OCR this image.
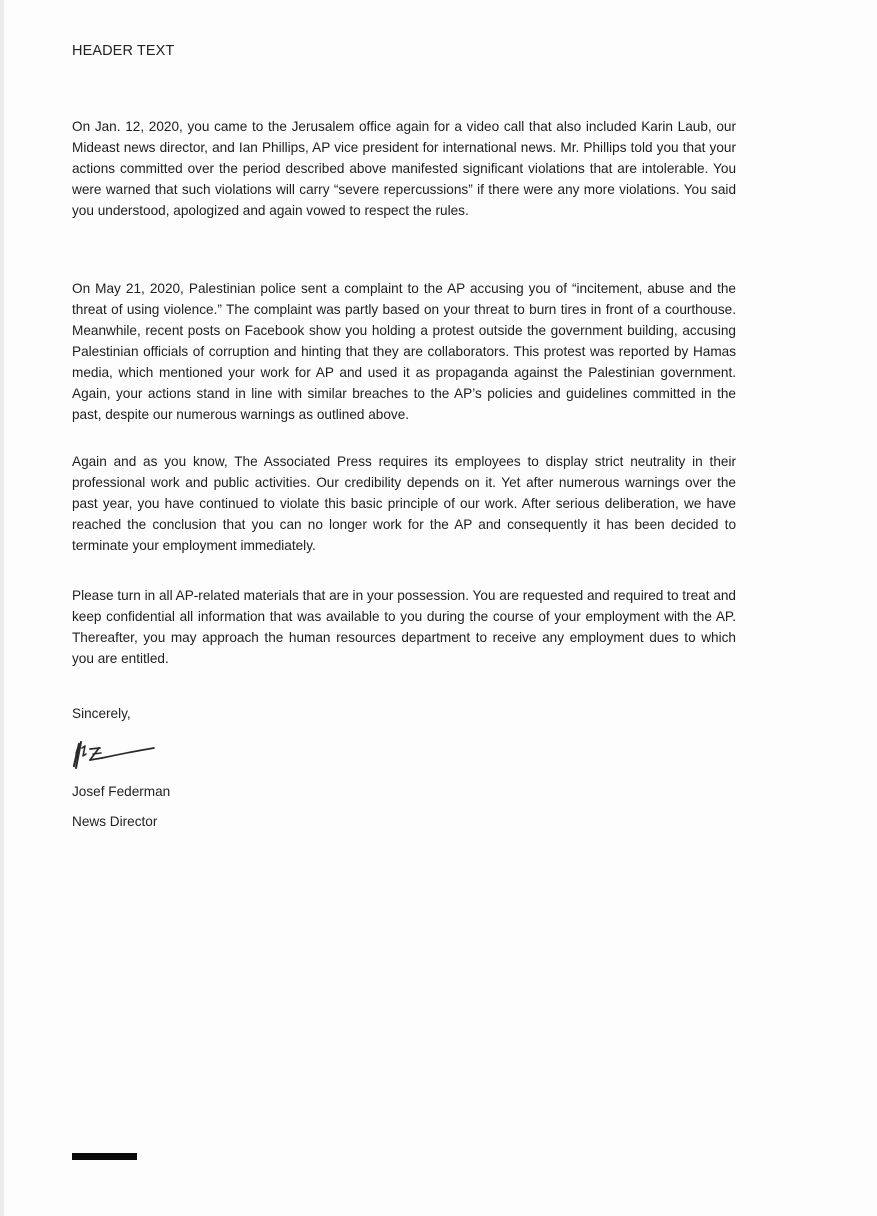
HEADER TEXT

On Jan. 12, 2020, you came to the Jerusalem office again for a video call that also included Karin Laub, our Mideast news director, and Ian Phillips, AP vice president for international news. Mr. Phillips told you that your actions committed over the period described above manifested significant violations that are intolerable. You were warned that such violations will carry “severe repercussions” if there were any more violations. You said you understood, apologized and again vowed to respect the rules.

On May 21, 2020, Palestinian police sent a complaint to the AP accusing you of “incitement, abuse and the threat of using violence.” The complaint was partly based on your threat to burn tires in front of a courthouse. Meanwhile, recent posts on Facebook show you holding a protest outside the government building, accusing Palestinian officials of corruption and hinting that they are collaborators. This protest was reported by Hamas media, which mentioned your work for AP and used it as propaganda against the Palestinian government. Again, your actions stand in line with similar breaches to the AP’s policies and guidelines committed in the past, despite our numerous warnings as outlined above.

Again and as you know, The Associated Press requires its employees to display strict neutrality in their professional work and public activities. Our credibility depends on it. Yet after numerous warnings over the past year, you have continued to violate this basic principle of our work. After serious deliberation, we have reached the conclusion that you can no longer work for the AP and consequently it has been decided to terminate your employment immediately.

Please turn in all AP-related materials that are in your possession. You are requested and required to treat and keep confidential all information that was available to you during the course of your employment with the AP. Thereafter, you may approach the human resources department to receive any employment dues to which you are entitled.

Sincerely,
Josef Federman
News Director
